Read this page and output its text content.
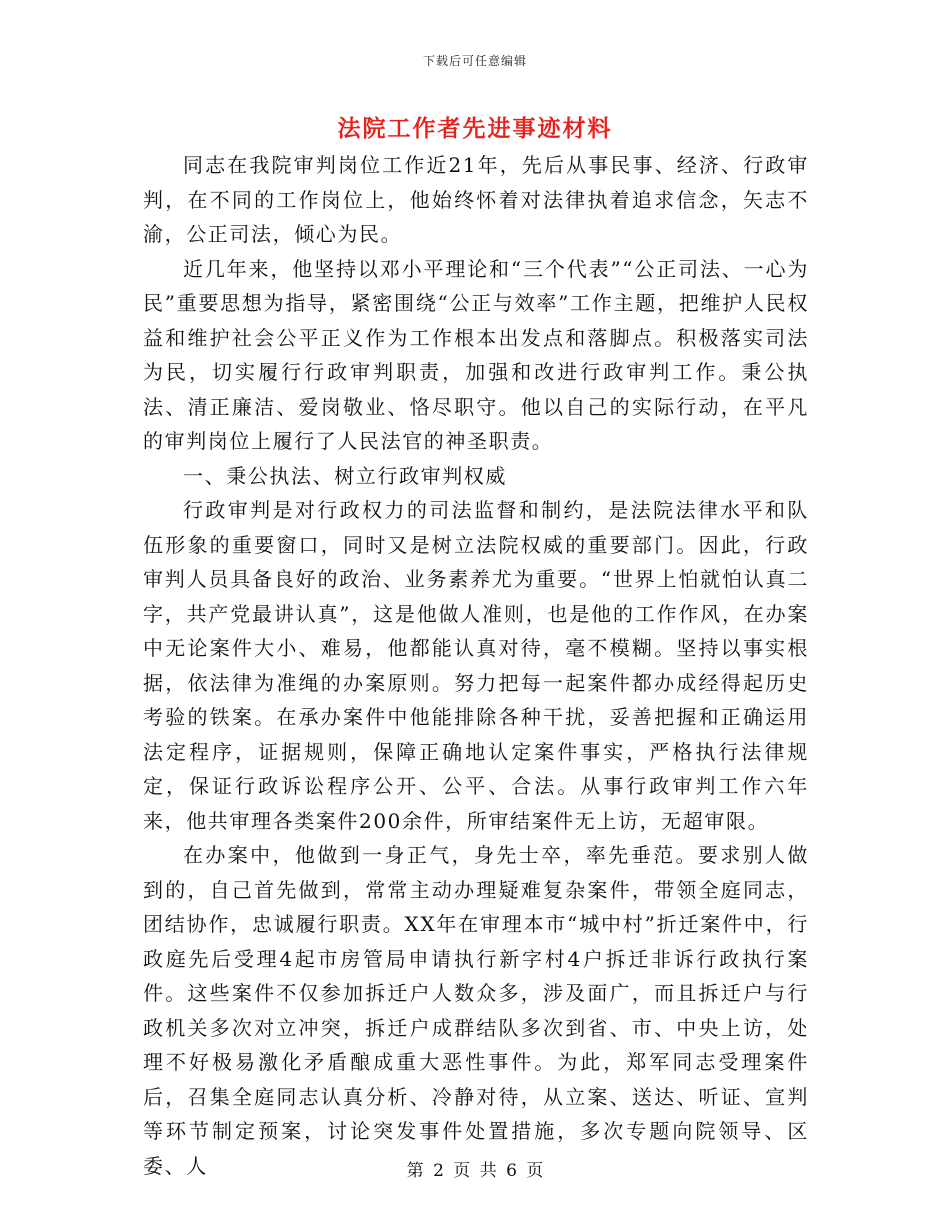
下载后可任意编辑
法院工作者先进事迹材料

同志在我院审判岗位工作近21年，先后从事民事、经济、行政审判，在不同的工作岗位上，他始终怀着对法律执着追求信念，矢志不渝，公正司法，倾心为民。

近几年来，他坚持以邓小平理论和“三个代表”“公正司法、一心为民”重要思想为指导，紧密围绕“公正与效率”工作主题，把维护人民权益和维护社会公平正义作为工作根本出发点和落脚点。积极落实司法为民，切实履行行政审判职责，加强和改进行政审判工作。秉公执法、清正廉洁、爱岗敬业、恪尽职守。他以自己的实际行动，在平凡的审判岗位上履行了人民法官的神圣职责。

一、秉公执法、树立行政审判权威

行政审判是对行政权力的司法监督和制约，是法院法律水平和队伍形象的重要窗口，同时又是树立法院权威的重要部门。因此，行政审判人员具备良好的政治、业务素养尤为重要。“世界上怕就怕认真二字，共产党最讲认真”，这是他做人准则，也是他的工作作风，在办案中无论案件大小、难易，他都能认真对待，毫不模糊。坚持以事实根据，依法律为准绳的办案原则。努力把每一起案件都办成经得起历史考验的铁案。在承办案件中他能排除各种干扰，妥善把握和正确运用法定程序，证据规则，保障正确地认定案件事实，严格执行法律规定，保证行政诉讼程序公开、公平、合法。从事行政审判工作六年来，他共审理各类案件200余件，所审结案件无上访，无超审限。

在办案中，他做到一身正气，身先士卒，率先垂范。要求别人做到的，自己首先做到，常常主动办理疑难复杂案件，带领全庭同志，团结协作，忠诚履行职责。XX年在审理本市“城中村”折迁案件中，行政庭先后受理4起市房管局申请执行新字村4户拆迁非诉行政执行案件。这些案件不仅参加拆迁户人数众多，涉及面广，而且拆迁户与行政机关多次对立冲突，拆迁户成群结队多次到省、市、中央上访，处理不好极易激化矛盾酿成重大恶性事件。为此，郑军同志受理案件后，召集全庭同志认真分析、冷静对待，从立案、送达、听证、宣判等环节制定预案，讨论突发事件处置措施，多次专题向院领导、区委、人	第 2 页 共 6 页
